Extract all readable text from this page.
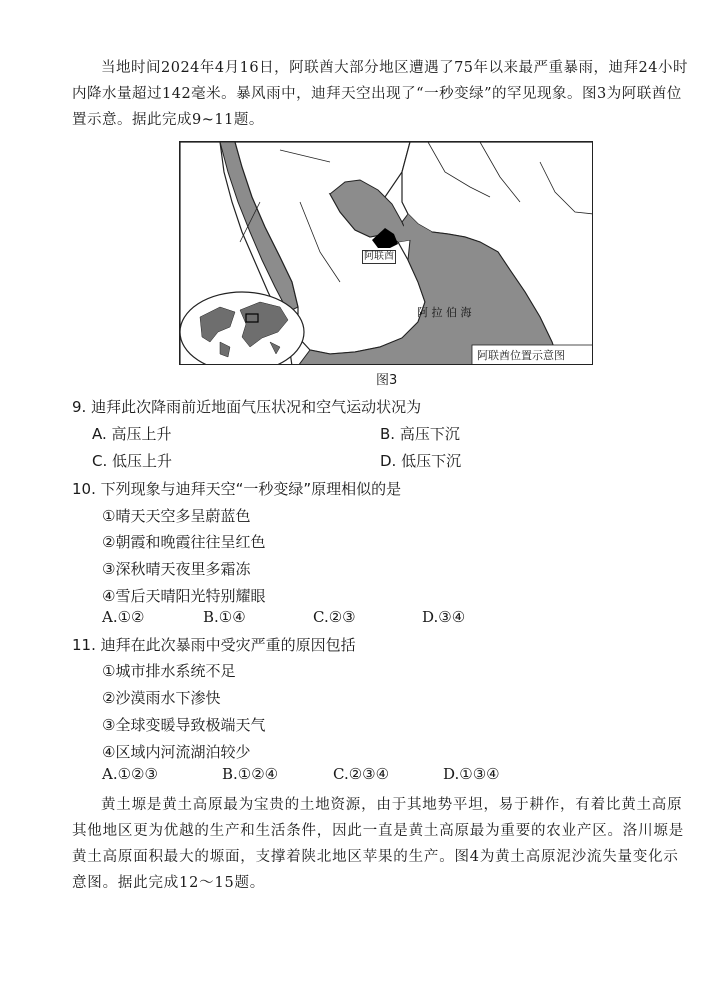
当地时间2024年4月16日，阿联酋大部分地区遭遇了75年以来最严重暴雨，迪拜24小时内降水量超过142毫米。暴风雨中，迪拜天空出现了“一秒变绿”的罕见现象。图3为阿联酋位置示意。据此完成9~11题。
阿联酋
阿 拉 伯 海
阿联酋位置示意图
图3
9. 迪拜此次降雨前近地面气压状况和空气运动状况为
A. 高压上升	B. 高压下沉
C. 低压上升	D. 低压下沉
10. 下列现象与迪拜天空“一秒变绿”原理相似的是
①晴天天空多呈蔚蓝色
②朝霞和晚霞往往呈红色
③深秋晴天夜里多霜冻
④雪后天晴阳光特别耀眼
A.①②	B.①④	C.②③	D.③④
11. 迪拜在此次暴雨中受灾严重的原因包括
①城市排水系统不足
②沙漠雨水下渗快
③全球变暖导致极端天气
④区域内河流湖泊较少
A.①②③	B.①②④	C.②③④	D.①③④
黄土塬是黄土高原最为宝贵的土地资源，由于其地势平坦，易于耕作，有着比黄土高原其他地区更为优越的生产和生活条件，因此一直是黄土高原最为重要的农业产区。洛川塬是黄土高原面积最大的塬面，支撑着陕北地区苹果的生产。图4为黄土高原泥沙流失量变化示意图。据此完成12～15题。
